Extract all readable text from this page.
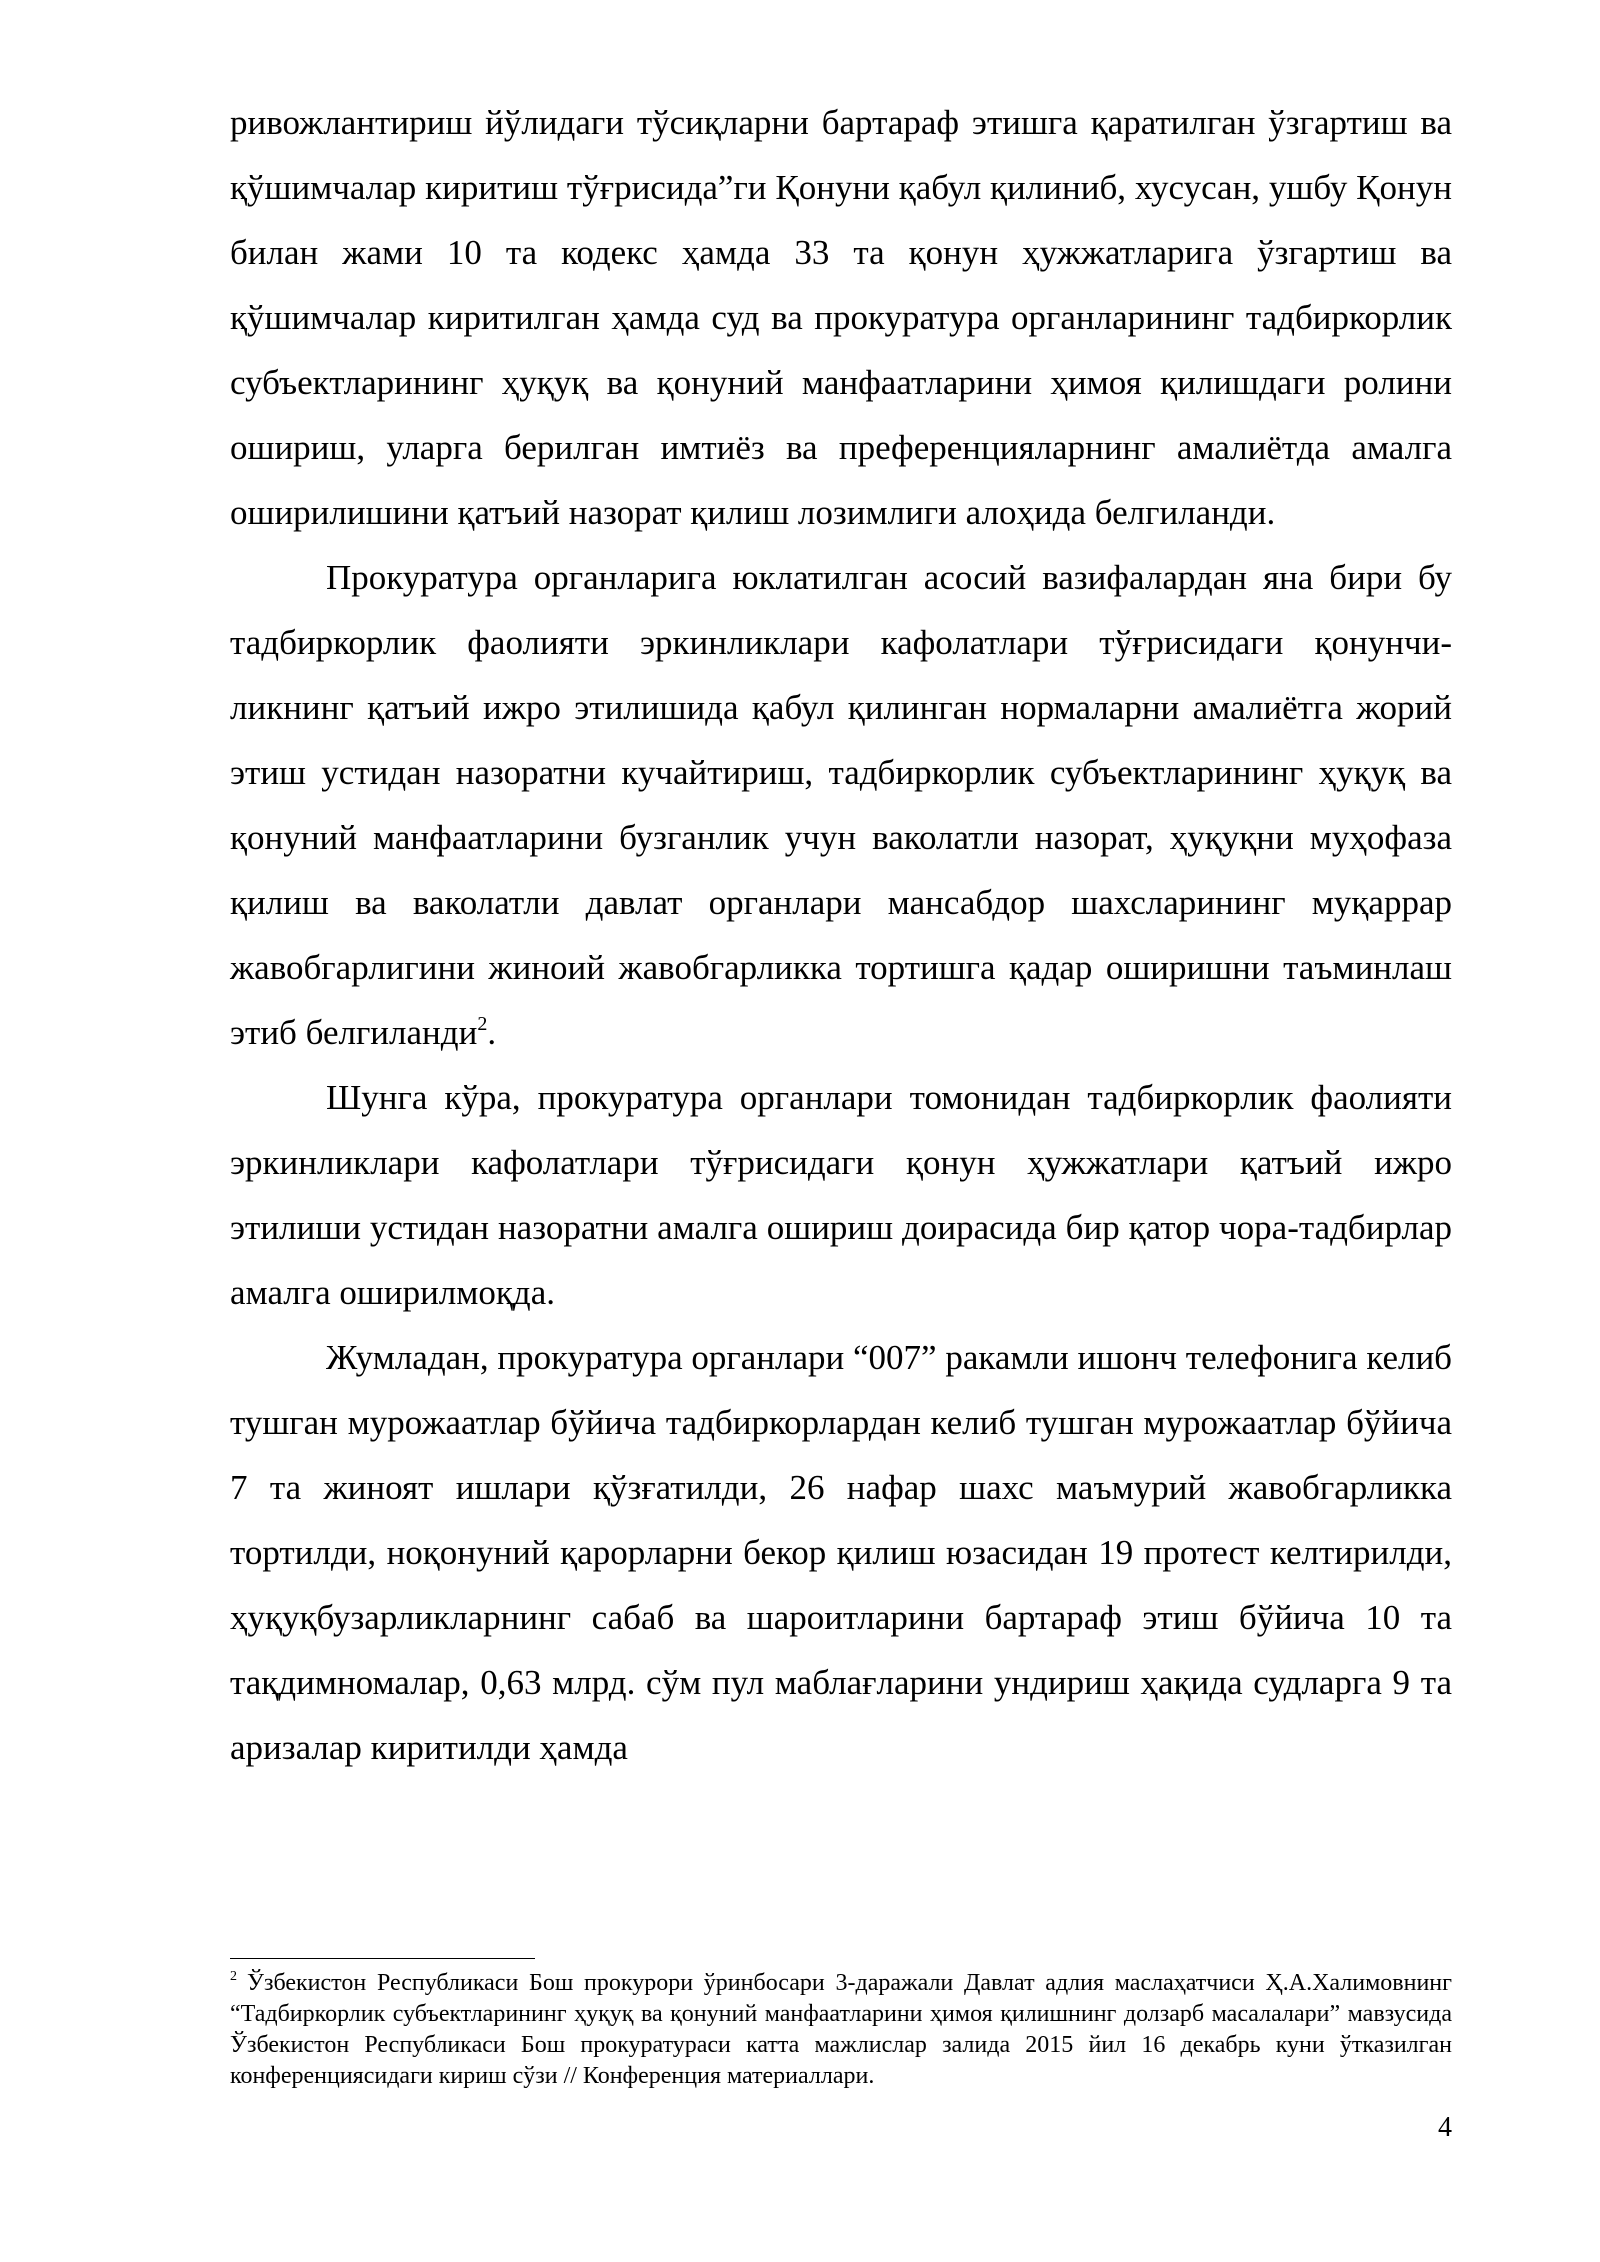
ривожлантириш йўлидаги тўсиқларни бартараф этишга қаратилган ўзгартиш ва қўшимчалар киритиш тўғрисида”ги Қонуни қабул қилиниб, хусусан, ушбу Қонун билан жами 10 та кодекс ҳамда 33 та қонун ҳужжатларига ўзгартиш ва қўшимчалар киритилган ҳамда суд ва прокуратура органларининг тадбиркорлик субъектларининг ҳуқуқ ва қонуний манфаатларини ҳимоя қилишдаги ролини ошириш, уларга берилган имтиёз ва преференцияларнинг амалиётда амалга оширилишини қатъий назорат қилиш лозимлиги алоҳида белгиланди.

Прокуратура органларига юклатилган асосий вазифалардан яна бири бу тадбиркорлик фаолияти эркинликлари кафолатлари тўғрисидаги қонунчи-ликнинг қатъий ижро этилишида қабул қилинган нормаларни амалиётга жорий этиш устидан назоратни кучайтириш, тадбиркорлик субъектларининг ҳуқуқ ва қонуний манфаатларини бузганлик учун ваколатли назорат, ҳуқуқни муҳофаза қилиш ва ваколатли давлат органлари мансабдор шахсларининг муқаррар жавобгарлигини жиноий жавобгарликка тортишга қадар оширишни таъминлаш этиб белгиланди$^2$.

Шунга кўра, прокуратура органлари томонидан тадбиркорлик фаолияти эркинликлари кафолатлари тўғрисидаги қонун ҳужжатлари қатъий ижро этилиши устидан назоратни амалга ошириш доирасида бир қатор чора-тадбирлар амалга оширилмоқда.

Жумладан, прокуратура органлари “007” ракамли ишонч телефонига келиб тушган мурожаатлар бўйича тадбиркорлардан келиб тушган мурожаатлар бўйича 7 та жиноят ишлари қўзғатилди, 26 нафар шахс маъмурий жавобгарликка тортилди, ноқонуний қарорларни бекор қилиш юзасидан 19 протест келтирилди, ҳуқуқбузарликларнинг сабаб ва шароитларини бартараф этиш бўйича 10 та тақдимномалар, 0,63 млрд. сўм пул маблағларини ундириш ҳақида судларга 9 та аризалар киритилди ҳамда

$^2$ Ўзбекистон Республикаси Бош прокурори ўринбосари 3-даражали Давлат адлия маслаҳатчиси Ҳ.А.Халимовнинг “Тадбиркорлик субъектларининг ҳуқуқ ва қонуний манфаатларини ҳимоя қилишнинг долзарб масалалари” мавзусида Ўзбекистон Республикаси Бош прокуратураси катта мажлислар залида 2015 йил 16 декабрь куни ўтказилган конференциясидаги кириш сўзи // Конференция материаллари.

4
